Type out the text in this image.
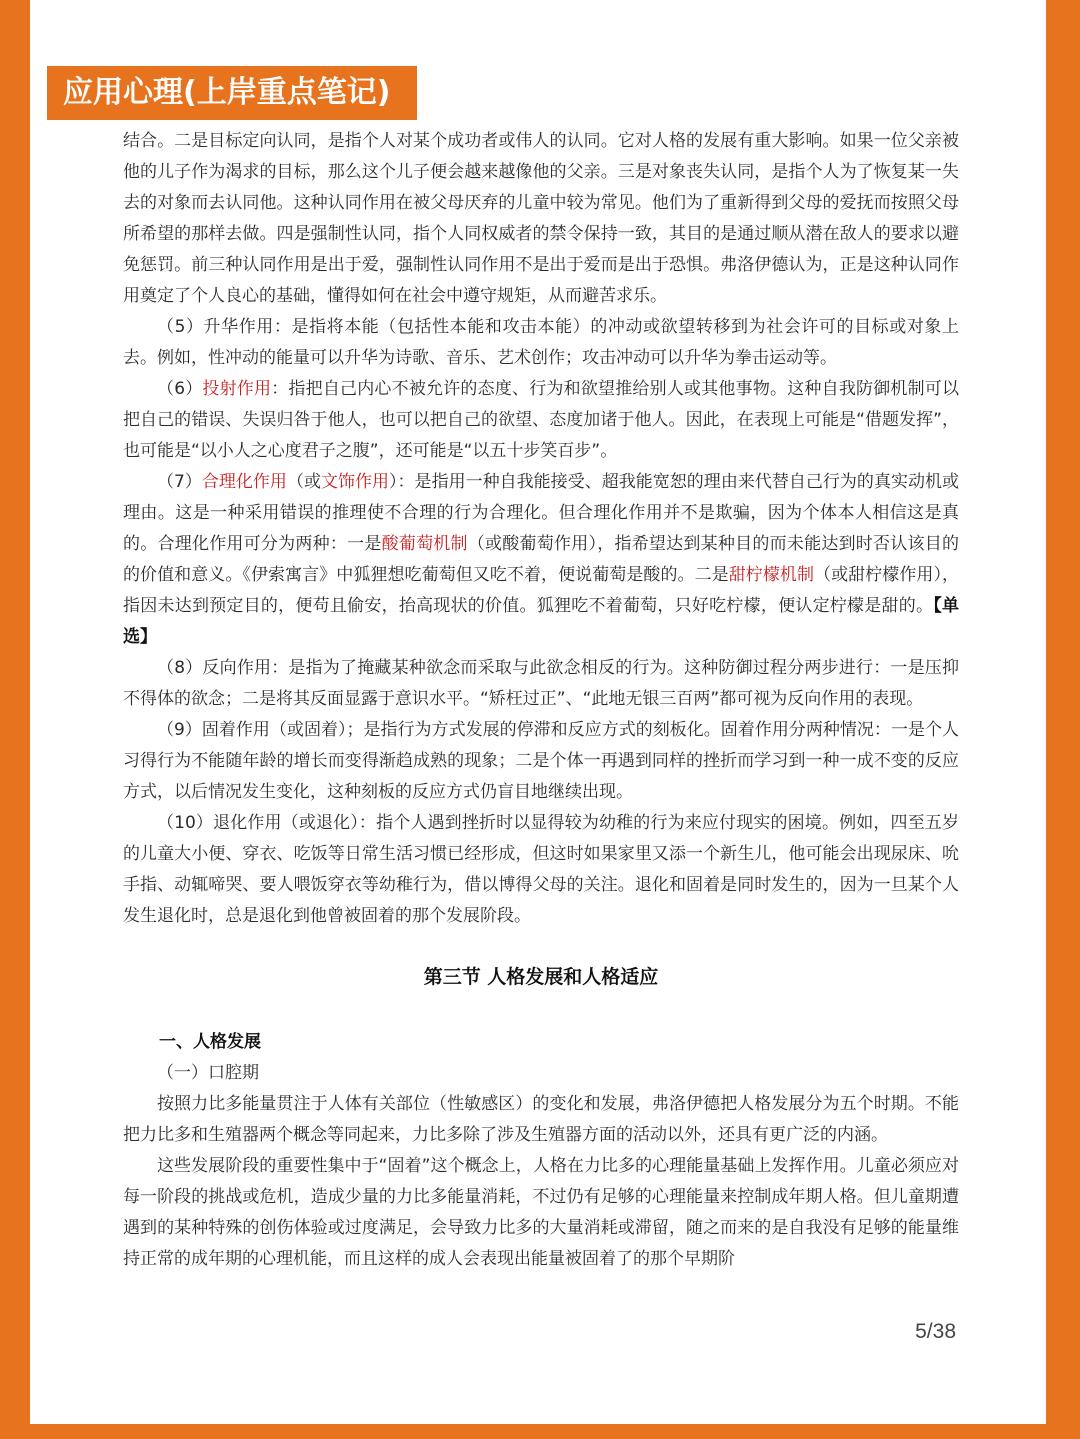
应用心理(上岸重点笔记)

结合。二是目标定向认同，是指个人对某个成功者或伟人的认同。它对人格的发展有重大影响。如果一位父亲被他的儿子作为渴求的目标，那么这个儿子便会越来越像他的父亲。三是对象丧失认同，是指个人为了恢复某一失去的对象而去认同他。这种认同作用在被父母厌弃的儿童中较为常见。他们为了重新得到父母的爱抚而按照父母所希望的那样去做。四是强制性认同，指个人同权威者的禁令保持一致，其目的是通过顺从潜在敌人的要求以避免惩罚。前三种认同作用是出于爱，强制性认同作用不是出于爱而是出于恐惧。弗洛伊德认为，正是这种认同作用奠定了个人良心的基础，懂得如何在社会中遵守规矩，从而避苦求乐。

（5）升华作用：是指将本能（包括性本能和攻击本能）的冲动或欲望转移到为社会许可的目标或对象上去。例如，性冲动的能量可以升华为诗歌、音乐、艺术创作；攻击冲动可以升华为拳击运动等。

（6）投射作用：指把自己内心不被允许的态度、行为和欲望推给别人或其他事物。这种自我防御机制可以把自己的错误、失误归咎于他人，也可以把自己的欲望、态度加诸于他人。因此，在表现上可能是“借题发挥”，也可能是“以小人之心度君子之腹”，还可能是“以五十步笑百步”。

（7）合理化作用（或文饰作用）：是指用一种自我能接受、超我能宽恕的理由来代替自己行为的真实动机或理由。这是一种采用错误的推理使不合理的行为合理化。但合理化作用并不是欺骗，因为个体本人相信这是真的。合理化作用可分为两种：一是酸葡萄机制（或酸葡萄作用），指希望达到某种目的而未能达到时否认该目的的价值和意义。《伊索寓言》中狐狸想吃葡萄但又吃不着，便说葡萄是酸的。二是甜柠檬机制（或甜柠檬作用），指因未达到预定目的，便苟且偷安，抬高现状的价值。狐狸吃不着葡萄，只好吃柠檬，便认定柠檬是甜的。【单选】

（8）反向作用：是指为了掩藏某种欲念而采取与此欲念相反的行为。这种防御过程分两步进行：一是压抑不得体的欲念；二是将其反面显露于意识水平。“矫枉过正”、“此地无银三百两”都可视为反向作用的表现。

（9）固着作用（或固着）；是指行为方式发展的停滞和反应方式的刻板化。固着作用分两种情况：一是个人习得行为不能随年龄的增长而变得渐趋成熟的现象；二是个体一再遇到同样的挫折而学习到一种一成不变的反应方式，以后情况发生变化，这种刻板的反应方式仍盲目地继续出现。

（10）退化作用（或退化）：指个人遇到挫折时以显得较为幼稚的行为来应付现实的困境。例如，四至五岁的儿童大小便、穿衣、吃饭等日常生活习惯已经形成，但这时如果家里又添一个新生儿，他可能会出现尿床、吮手指、动辄啼哭、要人喂饭穿衣等幼稚行为，借以博得父母的关注。退化和固着是同时发生的，因为一旦某个人发生退化时，总是退化到他曾被固着的那个发展阶段。

第三节 人格发展和人格适应

一、人格发展

（一）口腔期

按照力比多能量贯注于人体有关部位（性敏感区）的变化和发展，弗洛伊德把人格发展分为五个时期。不能把力比多和生殖器两个概念等同起来，力比多除了涉及生殖器方面的活动以外，还具有更广泛的内涵。

这些发展阶段的重要性集中于“固着”这个概念上，人格在力比多的心理能量基础上发挥作用。儿童必须应对每一阶段的挑战或危机，造成少量的力比多能量消耗，不过仍有足够的心理能量来控制成年期人格。但儿童期遭遇到的某种特殊的创伤体验或过度满足，会导致力比多的大量消耗或滞留，随之而来的是自我没有足够的能量维持正常的成年期的心理机能，而且这样的成人会表现出能量被固着了的那个早期阶

5/38
